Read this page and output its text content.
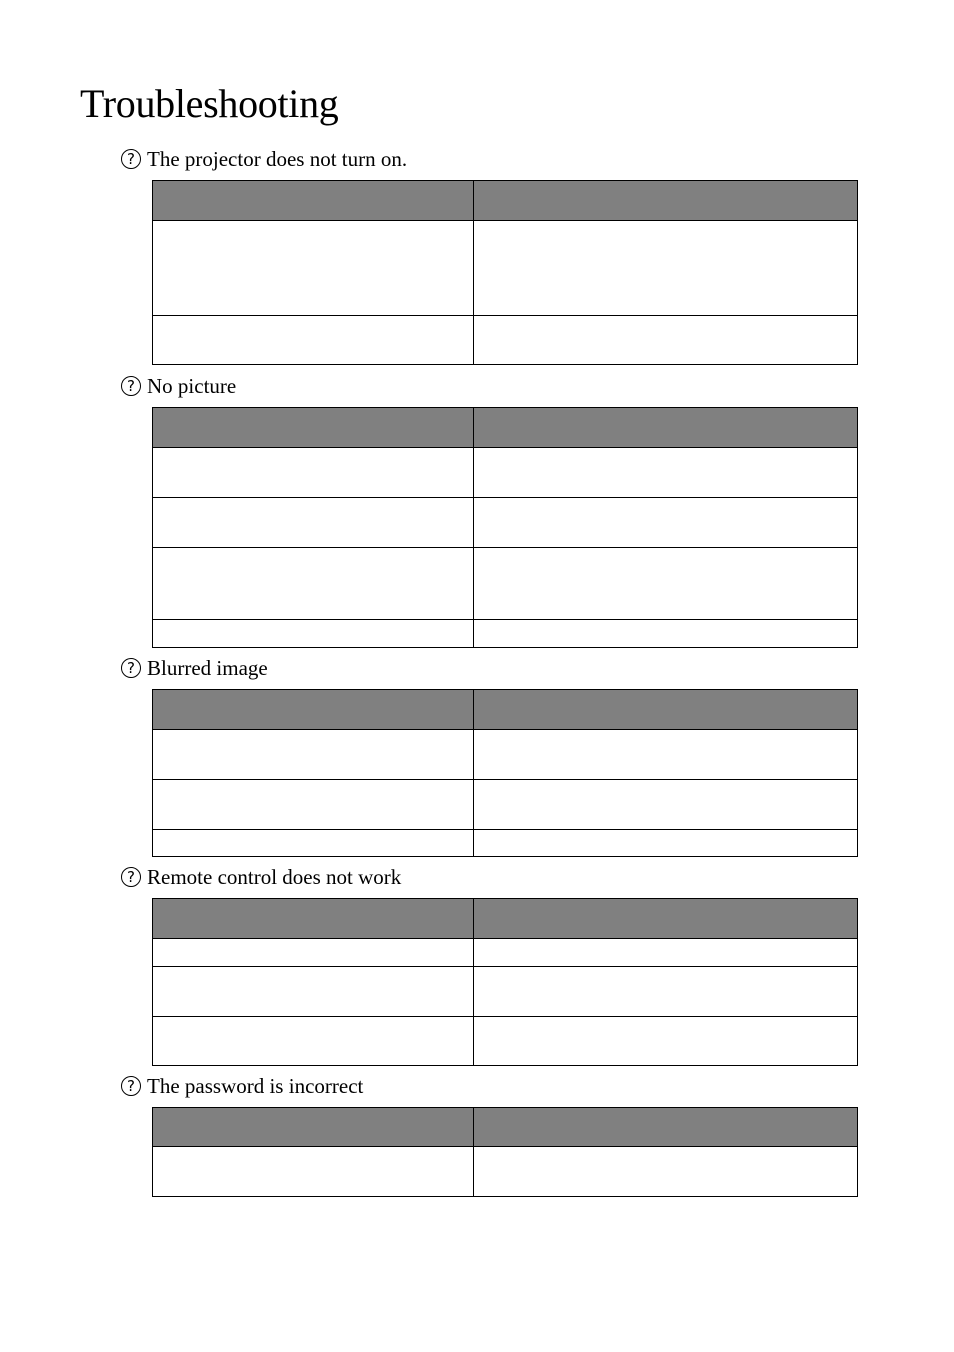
Troubleshooting
? The projector does not turn on.
? No picture
? Blurred image
? Remote control does not work
? The password is incorrect
